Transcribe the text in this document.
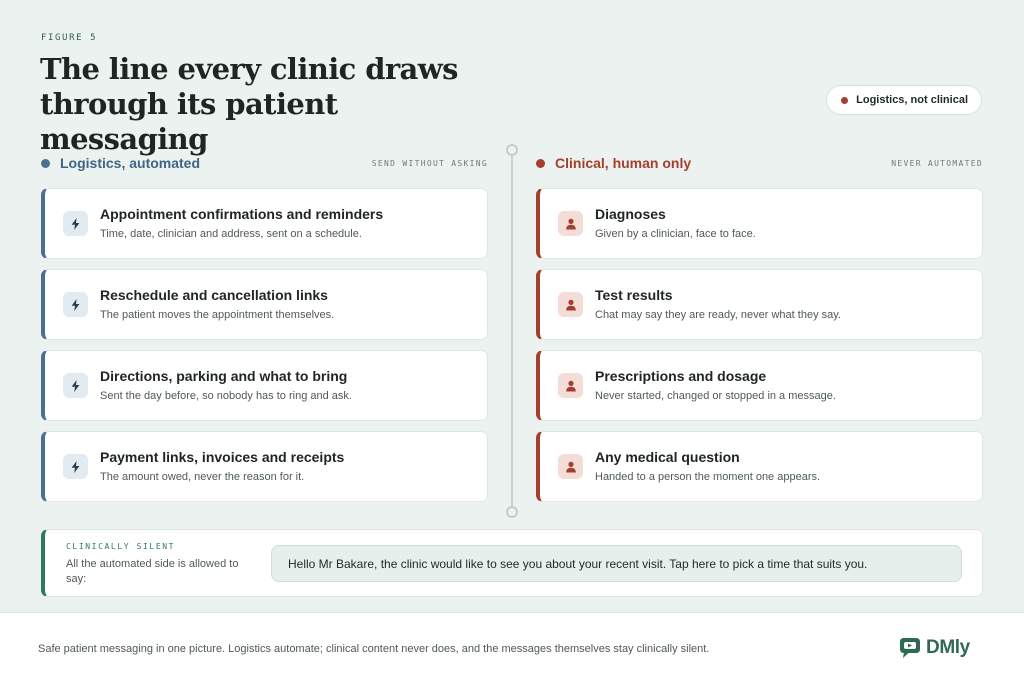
FIGURE 5
The line every clinic draws through its patient messaging
Logistics, not clinical
Logistics, automated	SEND WITHOUT ASKING	Clinical, human only	NEVER AUTOMATED
Appointment confirmations and reminders
Time, date, clinician and address, sent on a schedule.
Reschedule and cancellation links
The patient moves the appointment themselves.
Directions, parking and what to bring
Sent the day before, so nobody has to ring and ask.
Payment links, invoices and receipts
The amount owed, never the reason for it.
Diagnoses
Given by a clinician, face to face.
Test results
Chat may say they are ready, never what they say.
Prescriptions and dosage
Never started, changed or stopped in a message.
Any medical question
Handed to a person the moment one appears.
CLINICALLY SILENT
All the automated side is allowed to say:
Hello Mr Bakare, the clinic would like to see you about your recent visit. Tap here to pick a time that suits you.
Safe patient messaging in one picture. Logistics automate; clinical content never does, and the messages themselves stay clinically silent.	DMly
